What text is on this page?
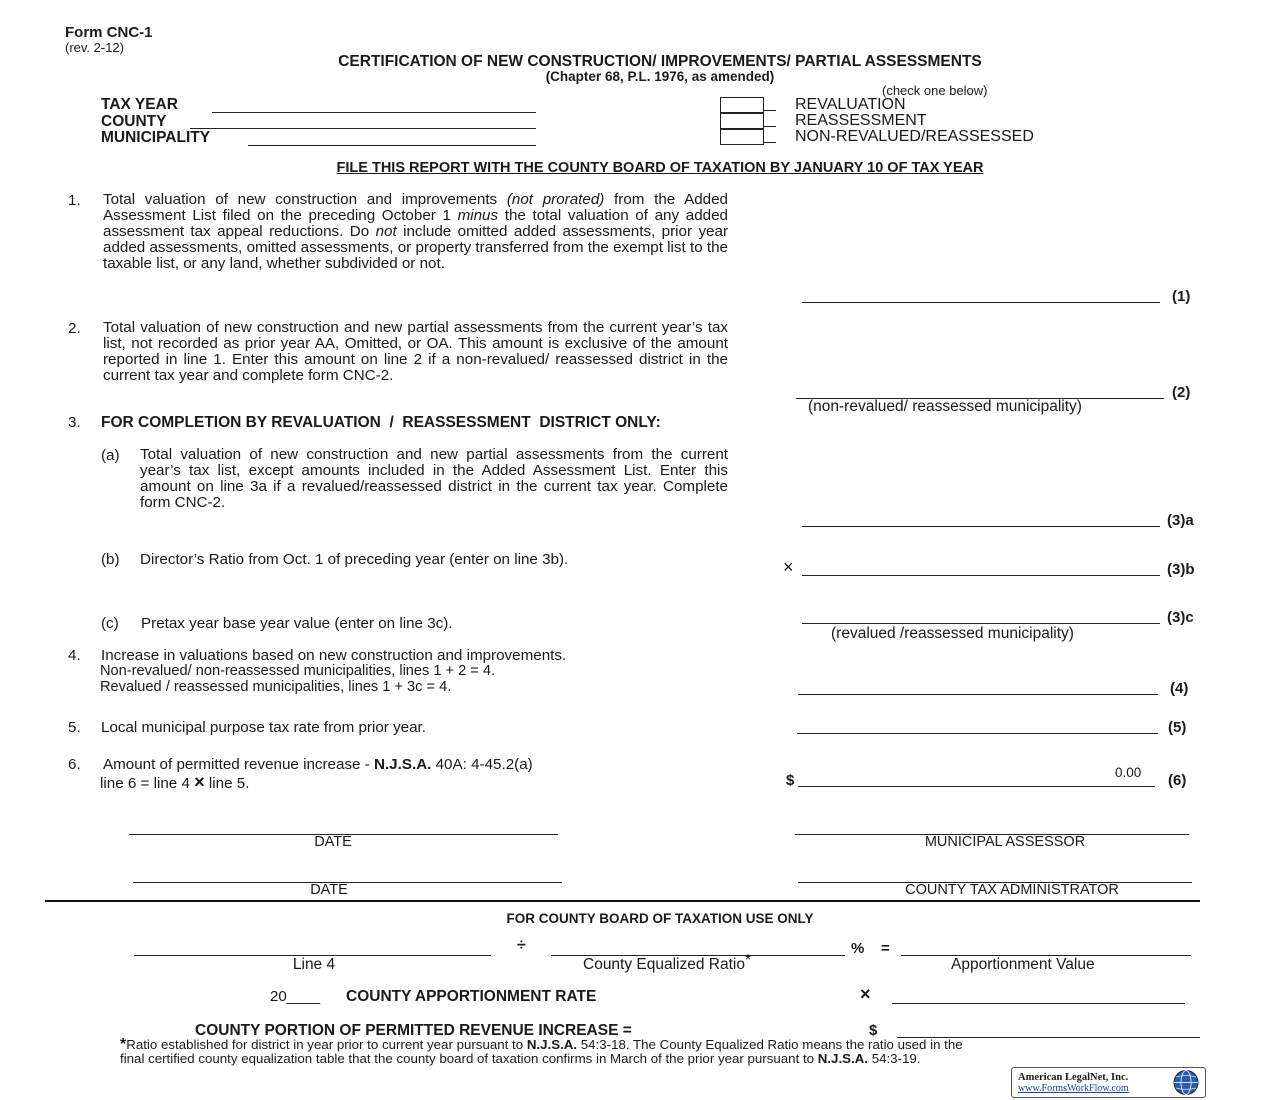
Form CNC-1
(rev. 2-12)
CERTIFICATION OF NEW CONSTRUCTION/ IMPROVEMENTS/ PARTIAL ASSESSMENTS
(Chapter 68, P.L. 1976, as amended)
TAX YEAR
COUNTY
MUNICIPALITY
(check one below)
REVALUATION
REASSESSMENT
NON-REVALUED/REASSESSED
FILE THIS REPORT WITH THE COUNTY BOARD OF TAXATION BY JANUARY 10 OF TAX YEAR
1. Total valuation of new construction and improvements (not prorated) from the Added Assessment List filed on the preceding October 1 minus the total valuation of any added assessment tax appeal reductions. Do not include omitted added assessments, prior year added assessments, omitted assessments, or property transferred from the exempt list to the taxable list, or any land, whether subdivided or not.
(1)
2. Total valuation of new construction and new partial assessments from the current year’s tax list, not recorded as prior year AA, Omitted, or OA. This amount is exclusive of the amount reported in line 1. Enter this amount on line 2 if a non-revalued/ reassessed district in the current tax year and complete form CNC-2.
(2)
(non-revalued/ reassessed municipality)
3. FOR COMPLETION BY REVALUATION  /  REASSESSMENT  DISTRICT ONLY:
(a) Total valuation of new construction and new partial assessments from the current year’s tax list, except amounts included in the Added Assessment List. Enter this amount on line 3a if a revalued/reassessed district in the current tax year. Complete form CNC-2.
(3)a
(b) Director’s Ratio from Oct. 1 of preceding year (enter on line 3b).	×	(3)b
(c) Pretax year base year value (enter on line 3c).	(3)c
(revalued /reassessed municipality)
4. Increase in valuations based on new construction and improvements.
Non-revalued/ non-reassessed municipalities, lines 1 + 2 = 4.
Revalued / reassessed municipalities, lines 1 + 3c = 4.	(4)
5. Local municipal purpose tax rate from prior year.	(5)
6. Amount of permitted revenue increase - N.J.S.A. 40A: 4-45.2(a)
line 6 = line 4 × line 5.	$	0.00 (6)
DATE	MUNICIPAL ASSESSOR
DATE	COUNTY TAX ADMINISTRATOR
FOR COUNTY BOARD OF TAXATION USE ONLY
Line 4
÷
County Equalized Ratio*
% =
Apportionment Value
20____ COUNTY APPORTIONMENT RATE	×
COUNTY PORTION OF PERMITTED REVENUE INCREASE =	$
*Ratio established for district in year prior to current year pursuant to N.J.S.A. 54:3-18. The County Equalized Ratio means the ratio used in the
final certified county equalization table that the county board of taxation confirms in March of the prior year pursuant to N.J.S.A. 54:3-19.
American LegalNet, Inc.
www.FormsWorkFlow.com
